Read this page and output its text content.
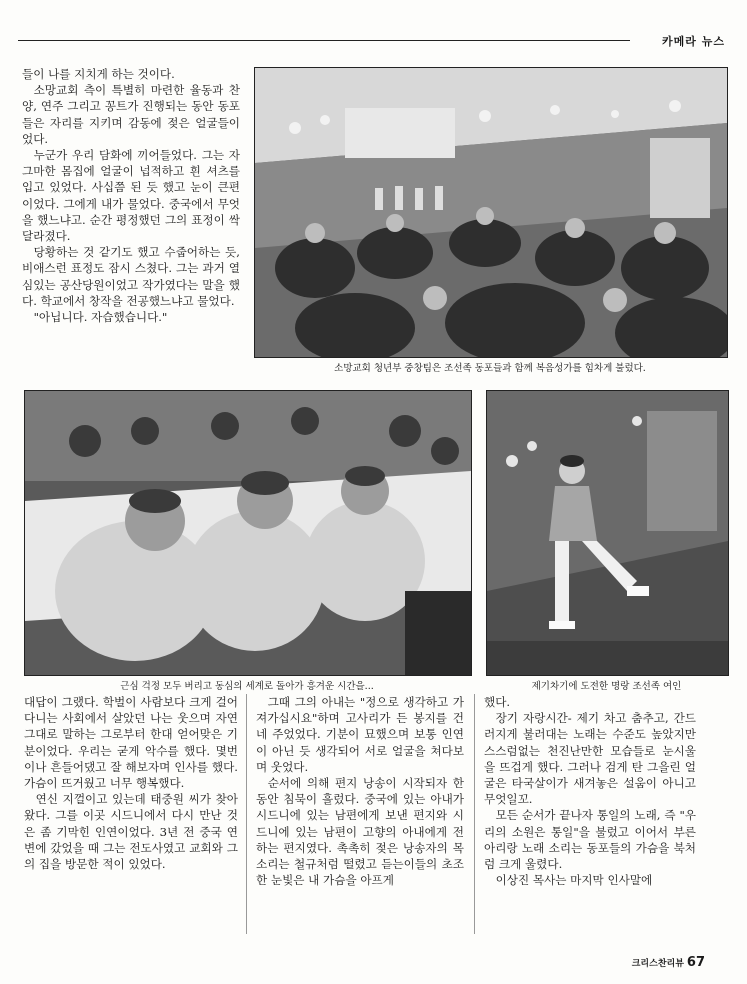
카메라 뉴스

들이 나를 지치게 하는 것이다.

소망교회 측이 특별히 마련한 율동과 찬양, 연주 그리고 꽁트가 진행되는 동안 동포들은 자리를 지키며 감동에 젖은 얼굴들이었다.

누군가 우리 담화에 끼어들었다. 그는 자그마한 몸집에 얼굴이 넙적하고 흰 셔츠를 입고 있었다. 사십쯤 된 듯 했고 눈이 큰편이었다. 그에게 내가 물었다. 중국에서 무엇을 했느냐고. 순간 평정했던 그의 표정이 싹 달라졌다.

당황하는 것 같기도 했고 수줍어하는 듯, 비애스런 표정도 잠시 스쳤다. 그는 과거 열심있는 공산당원이었고 작가였다는 말을 했다. 학교에서 창작을 전공했느냐고 물었다.

"아닙니다. 자습했습니다."

소망교회 청년부 중창팀은 조선족 동포들과 함께 복음성가를 힘차게 불렀다.
근심 걱정 모두 버리고 동심의 세계로 돌아가 흥겨운 시간을...	제기차기에 도전한 명랑 조선족 여인

대답이 그랬다. 학벌이 사람보다 크게 걸어다니는 사회에서 살았던 나는 웃으며 자연 그대로 말하는 그로부터 한대 얻어맞은 기분이었다. 우리는 굳게 악수를 했다. 몇번이나 흔들어댔고 잘 해보자며 인사를 했다. 가슴이 뜨거웠고 너무 행복했다.

연신 지껄이고 있는데 태중원 씨가 찾아왔다. 그를 이곳 시드니에서 다시 만난 것은 좀 기막힌 인연이었다. 3년 전 중국 연변에 갔었을 때 그는 전도사였고 교회와 그의 집을 방문한 적이 있었다.

그때 그의 아내는 "정으로 생각하고 가져가십시요"하며 고사리가 든 봉지를 건네 주었었다. 기분이 묘했으며 보통 인연이 아닌 듯 생각되어 서로 얼굴을 쳐다보며 웃었다.

순서에 의해 편지 낭송이 시작되자 한동안 침묵이 흘렀다. 중국에 있는 아내가 시드니에 있는 남편에게 보낸 편지와 시드니에 있는 남편이 고향의 아내에게 전하는 편지였다. 촉촉히 젖은 낭송자의 목소리는 철규처럼 떨렸고 듣는이들의 초조한 눈빛은 내 가슴을 아프게

했다.

장기 자랑시간- 제기 차고 춤추고, 간드러지게 불러대는 노래는 수준도 높았지만 스스럼없는 천진난만한 모습들로 눈시울을 뜨겁게 했다. 그러나 검게 탄 그을린 얼굴은 타국살이가 새겨놓은 설움이 아니고 무엇일꼬.

모든 순서가 끝나자 통일의 노래, 즉 "우리의 소원은 통일"을 불렀고 이어서 부른 아리랑 노래 소리는 동포들의 가슴을 북처럼 크게 울렸다.

이상진 목사는 마지막 인사말에

크리스찬리뷰 67
